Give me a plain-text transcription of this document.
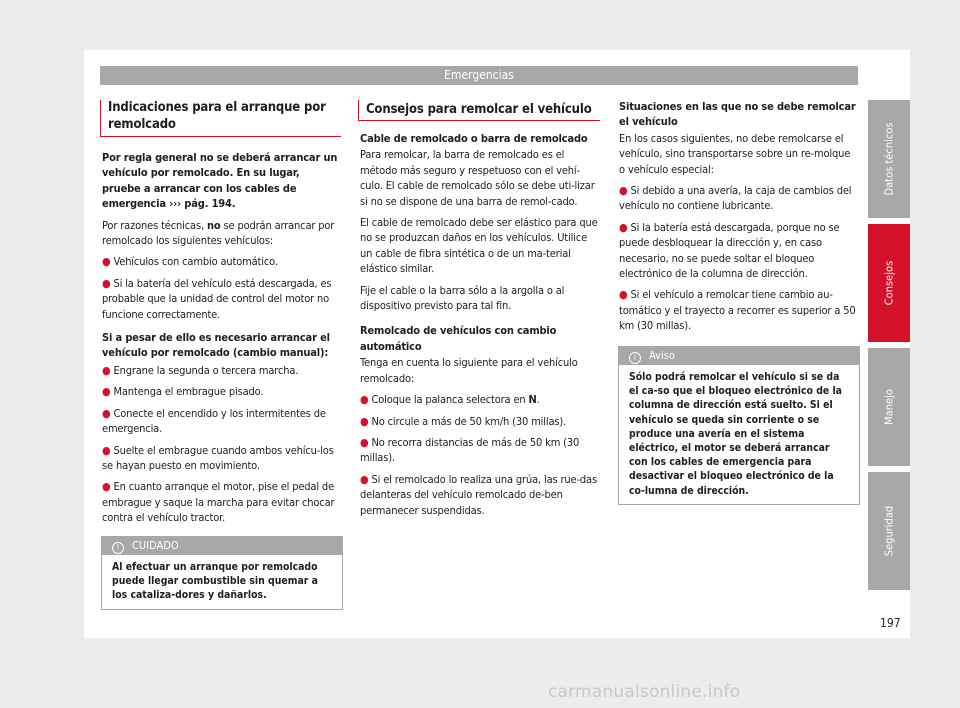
Emergencias

Indicaciones para el arranque por remolcado

Por regla general no se deberá arrancar un vehículo por remolcado. En su lugar, pruebe a arrancar con los cables de emergencia ››› pág. 194.

Por razones técnicas, no se podrán arrancar por remolcado los siguientes vehículos:

● Vehículos con cambio automático.

● Si la batería del vehículo está descargada, es probable que la unidad de control del motor no funcione correctamente.

Si a pesar de ello es necesario arrancar el vehículo por remolcado (cambio manual):

● Engrane la segunda o tercera marcha.

● Mantenga el embrague pisado.

● Conecte el encendido y los intermitentes de emergencia.

● Suelte el embrague cuando ambos vehícu-los se hayan puesto en movimiento.

● En cuanto arranque el motor, pise el pedal de embrague y saque la marcha para evitar chocar contra el vehículo tractor.

! CUIDADO
Al efectuar un arranque por remolcado puede llegar combustible sin quemar a los cataliza-dores y dañarlos.

Consejos para remolcar el vehículo

Cable de remolcado o barra de remolcado

Para remolcar, la barra de remolcado es el método más seguro y respetuoso con el vehí-culo. El cable de remolcado sólo se debe uti-lizar si no se dispone de una barra de remol-cado.

El cable de remolcado debe ser elástico para que no se produzcan daños en los vehículos. Utilice un cable de fibra sintética o de un ma-terial elástico similar.

Fije el cable o la barra sólo a la argolla o al dispositivo previsto para tal fin.

Remolcado de vehículos con cambio automático

Tenga en cuenta lo siguiente para el vehículo remolcado:

● Coloque la palanca selectora en N.

● No circule a más de 50 km/h (30 millas).

● No recorra distancias de más de 50 km (30 millas).

● Si el remolcado lo realiza una grúa, las rue-das delanteras del vehículo remolcado de-ben permanecer suspendidas.

Situaciones en las que no se debe remolcar el vehículo

En los casos siguientes, no debe remolcarse el vehículo, sino transportarse sobre un re-molque o vehículo especial:

● Si debido a una avería, la caja de cambios del vehículo no contiene lubricante.

● Si la batería está descargada, porque no se puede desbloquear la dirección y, en caso necesario, no se puede soltar el bloqueo electrónico de la columna de dirección.

● Si el vehículo a remolcar tiene cambio au-tomático y el trayecto a recorrer es superior a 50 km (30 millas).

i Aviso
Sólo podrá remolcar el vehículo si se da el ca-so que el bloqueo electrónico de la columna de dirección está suelto. Si el vehículo se queda sin corriente o se produce una avería en el sistema eléctrico, el motor se deberá arrancar con los cables de emergencia para desactivar el bloqueo electrónico de la co-lumna de dirección.
Datos técnicos
Consejos
Manejo
Seguridad
197
carmanualsonline.info
